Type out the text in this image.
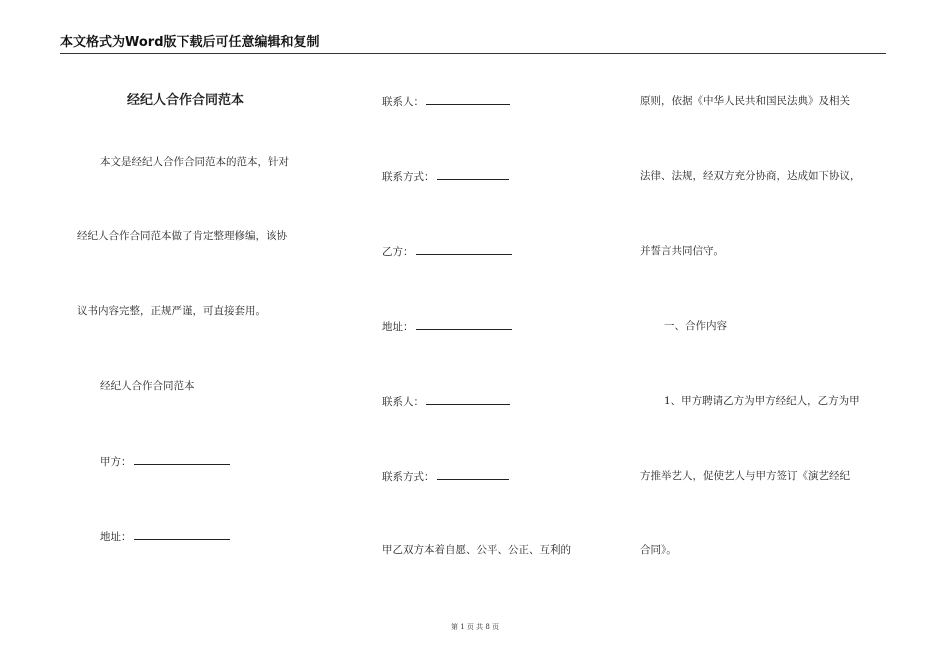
本文格式为Word版下载后可任意编辑和复制
经纪人合作合同范本
本文是经纪人合作合同范本的范本，针对
经纪人合作合同范本做了肯定整理修编，该协
议书内容完整，正规严谨，可直接套用。
经纪人合作合同范本
甲方：
地址：
联系人：
联系方式：
乙方：
地址：
联系人：
联系方式：
甲乙双方本着自愿、公平、公正、互利的
原则，依据《中华人民共和国民法典》及相关
法律、法规，经双方充分协商，达成如下协议，
并誓言共同信守。
一、合作内容
1、甲方聘请乙方为甲方经纪人，乙方为甲
方推举艺人，促使艺人与甲方签订《演艺经纪
合同》。
第 1 页 共 8 页
